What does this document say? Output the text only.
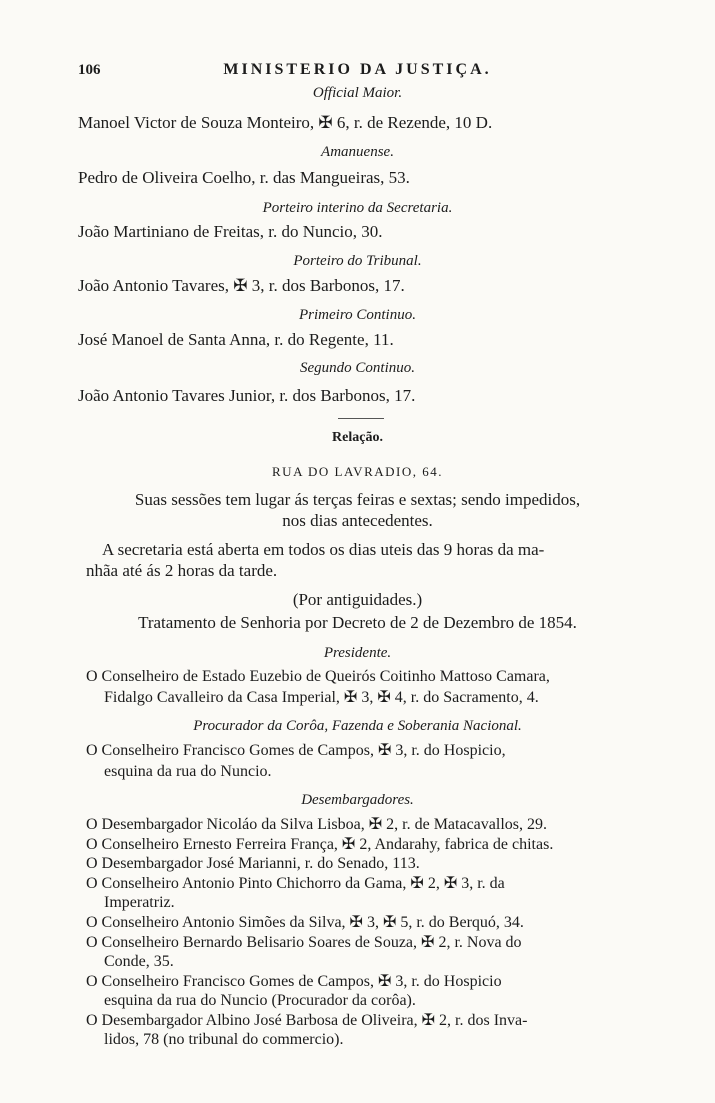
106	MINISTERIO DA JUSTIÇA.
Official Maior.
Manoel Victor de Souza Monteiro, ✠ 6, r. de Rezende, 10 D.
Amanuense.
Pedro de Oliveira Coelho, r. das Mangueiras, 53.
Porteiro interino da Secretaria.
João Martiniano de Freitas, r. do Nuncio, 30.
Porteiro do Tribunal.
João Antonio Tavares, ✠ 3, r. dos Barbonos, 17.
Primeiro Continuo.
José Manoel de Santa Anna, r. do Regente, 11.
Segundo Continuo.
João Antonio Tavares Junior, r. dos Barbonos, 17.
Relação.
RUA DO LAVRADIO, 64.
Suas sessões tem lugar ás terças feiras e sextas; sendo impedidos,
nos dias antecedentes.
A secretaria está aberta em todos os dias uteis das 9 horas da ma-
nhãa até ás 2 horas da tarde.
(Por antiguidades.)
Tratamento de Senhoria por Decreto de 2 de Dezembro de 1854.
Presidente.
O Conselheiro de Estado Euzebio de Queirós Coitinho Mattoso Camara,
Fidalgo Cavalleiro da Casa Imperial, ✠ 3, ✠ 4, r. do Sacramento, 4.
Procurador da Corôa, Fazenda e Soberania Nacional.
O Conselheiro Francisco Gomes de Campos, ✠ 3, r. do Hospicio,
esquina da rua do Nuncio.
Desembargadores.
O Desembargador Nicoláo da Silva Lisboa, ✠ 2, r. de Matacavallos, 29.
O Conselheiro Ernesto Ferreira França, ✠ 2, Andarahy, fabrica de chitas.
O Desembargador José Marianni, r. do Senado, 113.
O Conselheiro Antonio Pinto Chichorro da Gama, ✠ 2, ✠ 3, r. da
Imperatriz.
O Conselheiro Antonio Simões da Silva, ✠ 3, ✠ 5, r. do Berquó, 34.
O Conselheiro Bernardo Belisario Soares de Souza, ✠ 2, r. Nova do
Conde, 35.
O Conselheiro Francisco Gomes de Campos, ✠ 3, r. do Hospicio
esquina da rua do Nuncio (Procurador da corôa).
O Desembargador Albino José Barbosa de Oliveira, ✠ 2, r. dos Inva-
lidos, 78 (no tribunal do commercio).
